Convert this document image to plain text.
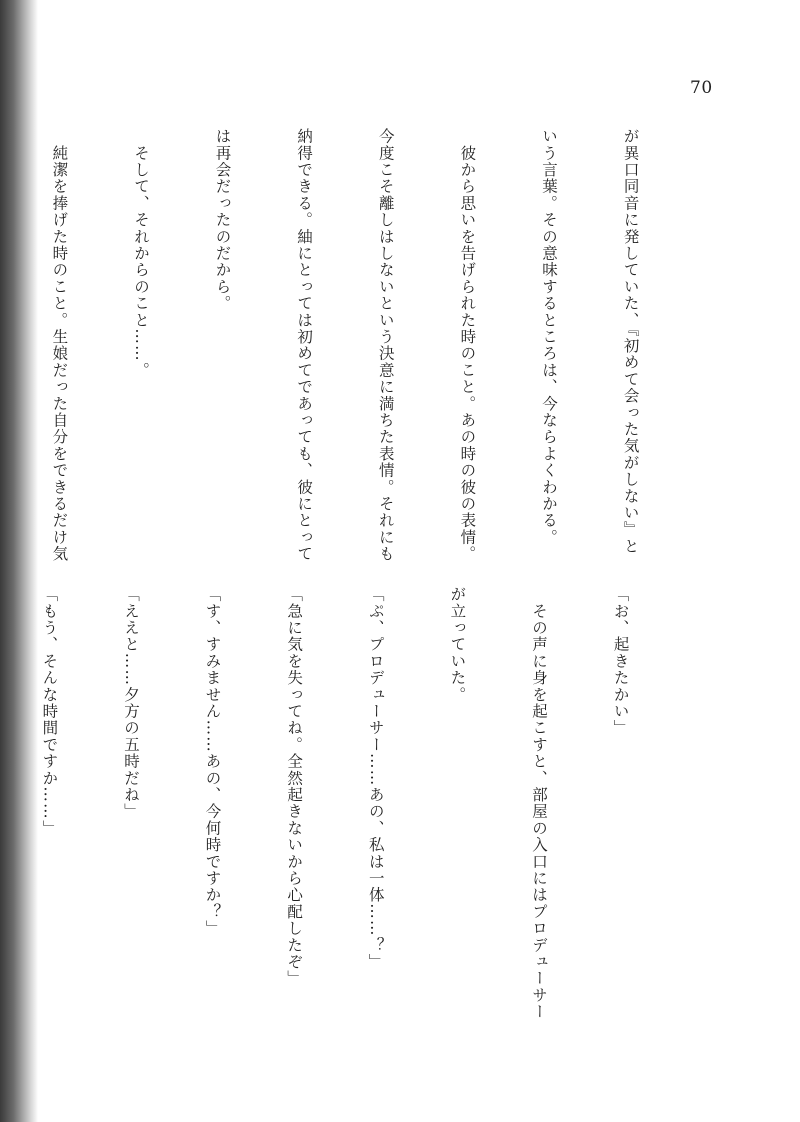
70

が異口同音に発していた、『初めて会った気がしない』と

いう言葉。その意味するところは、今ならよくわかる。

　彼から思いを告げられた時のこと。あの時の彼の表情。

今度こそ離しはしないという決意に満ちた表情。それにも

納得できる。紬にとっては初めてであっても、彼にとって

は再会だったのだから。

　そして、それからのこと……。

　純潔を捧げた時のこと。生娘だった自分をできるだけ気

「お、起きたかい」

　その声に身を起こすと、部屋の入口にはプロデューサー

が立っていた。

「ぷ、プロデューサー……あの、私は一体……？」

「急に気を失ってね。全然起きないから心配したぞ」

「す、すみません……あの、今何時ですか？」

「ええと……夕方の五時だね」

「もう、そんな時間ですか……」
